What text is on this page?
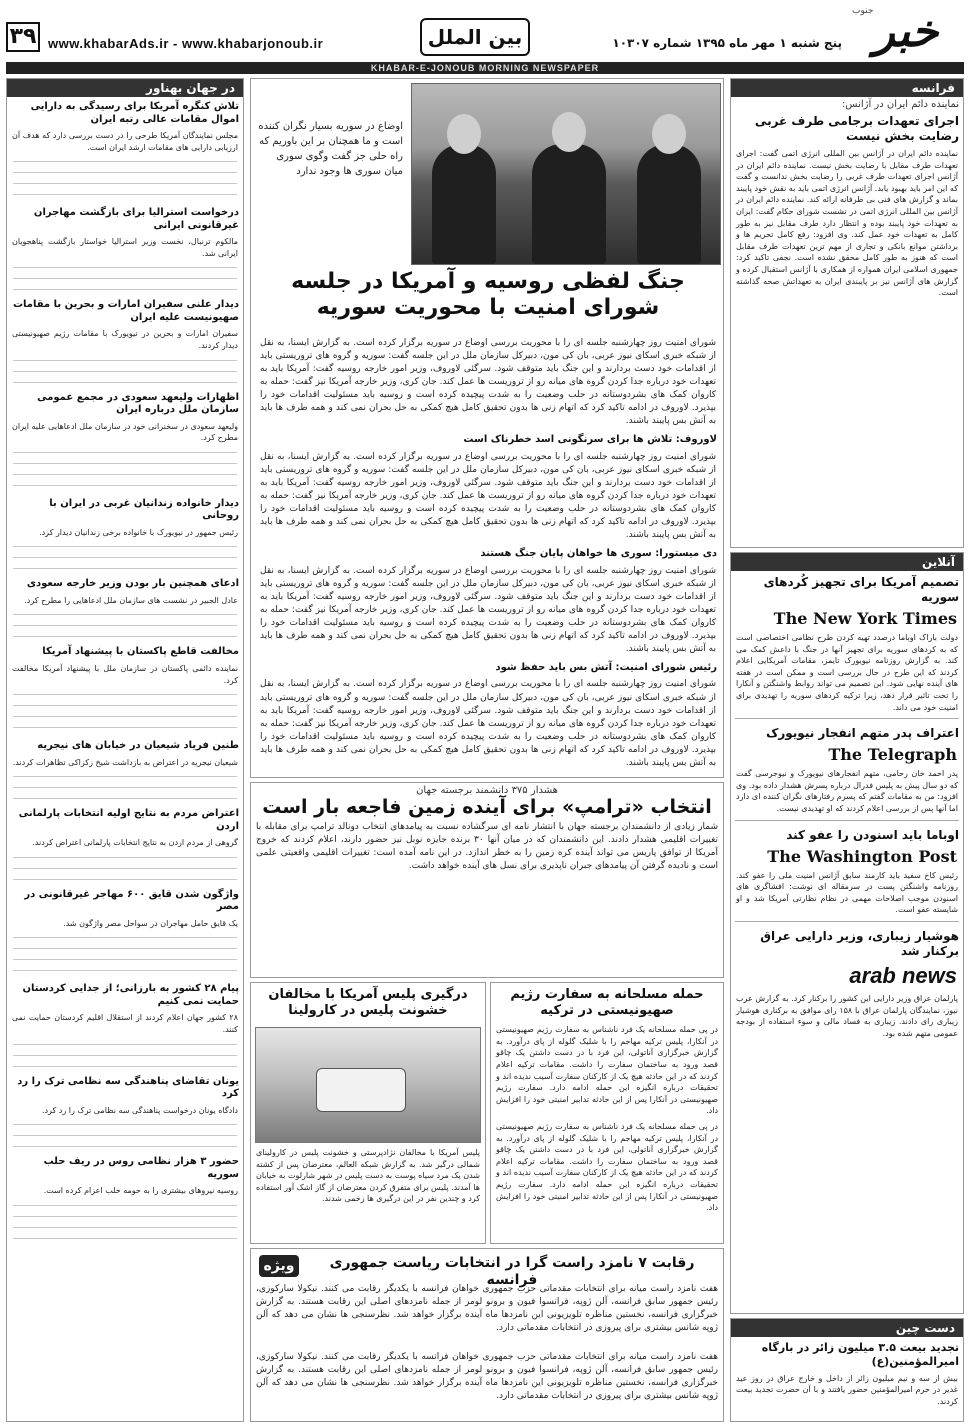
۳۹ www.khabarAds.ir - www.khabarjonoub.ir	بین الملل	پنج شنبه ۱ مهر ماه ۱۳۹۵ شماره ۱۰۳۰۷ خبر
جنوب
KHABAR-E-JONOUB MORNING NEWSPAPER
فرانسه
نماینده دائم ایران در آژانس:
اجرای تعهدات برجامی طرف غربی رضایت بخش نیست
نماینده دائم ایران در آژانس بین المللی انرژی اتمی گفت: اجرای تعهدات طرف مقابل با رضایت بخش نیست. نماینده دائم ایران در آژانس اجرای تعهدات طرف غربی را رضایت بخش ندانست و گفت که این امر باید بهبود یابد. آژانس انرژی اتمی باید به نقش خود پایبند بماند و گزارش های فنی بی طرفانه ارائه کند. نماینده دائم ایران در آژانس بین المللی انرژی اتمی در نشست شورای حکام گفت: ایران به تعهدات خود پایبند بوده و انتظار دارد طرف مقابل نیز به طور کامل به تعهدات خود عمل کند. وی افزود: رفع کامل تحریم ها و برداشتن موانع بانکی و تجاری از مهم ترین تعهدات طرف مقابل است که هنوز به طور کامل محقق نشده است. نجفی تاکید کرد: جمهوری اسلامی ایران همواره از همکاری با آژانس استقبال کرده و گزارش های آژانس نیز بر پایبندی ایران به تعهداتش صحه گذاشته است.
آنلاین
تصمیم آمریکا برای تجهیز کُردهای سوریه
The New York Times
دولت باراک اوباما درصدد تهیه کردن طرح نظامی اختصاصی است که به کردهای سوریه برای تجهیز آنها در جنگ با داعش کمک می کند. به گزارش روزنامه نیویورک تایمز، مقامات آمریکایی اعلام کردند که این طرح در حال بررسی است و ممکن است در هفته های آینده نهایی شود. این تصمیم می تواند روابط واشنگتن و آنکارا را تحت تاثیر قرار دهد، زیرا ترکیه کردهای سوریه را تهدیدی برای امنیت خود می داند.
اعتراف پدر متهم انفجار نیویورک
The Telegraph
پدر احمد خان رحامی، متهم انفجارهای نیویورک و نیوجرسی گفت که دو سال پیش به پلیس فدرال درباره پسرش هشدار داده بود. وی افزود: من به مقامات گفتم که پسرم رفتارهای نگران کننده ای دارد اما آنها پس از بررسی اعلام کردند که او تهدیدی نیست.
اوباما باید اسنودن را عفو کند
The Washington Post
رئیس کاخ سفید باید کارمند سابق آژانس امنیت ملی را عفو کند. روزنامه واشنگتن پست در سرمقاله ای نوشت: افشاگری های اسنودن موجب اصلاحات مهمی در نظام نظارتی آمریکا شد و او شایسته عفو است.
هوشیار زیباری، وزیر دارایی عراق برکنار شد
arab news
پارلمان عراق وزیر دارایی این کشور را برکنار کرد. به گزارش عرب نیوز، نمایندگان پارلمان عراق با ۱۵۸ رای موافق به برکناری هوشیار زیباری رای دادند. زیباری به فساد مالی و سوء استفاده از بودجه عمومی متهم شده بود.
دست چین
تجدید بیعت ۳.۵ میلیون زائر در بارگاه امیرالمؤمنین(ع)
بیش از سه و نیم میلیون زائر از داخل و خارج عراق در روز عید غدیر در حرم امیرالمؤمنین حضور یافتند و با آن حضرت تجدید بیعت کردند.
اوضاع در سوریه بسیار نگران کننده است و ما همچنان بر این باوریم که راه حلی جز گفت وگوی سوری میان سوری ها وجود ندارد
جنگ لفظی روسیه و آمریکا در جلسه شورای امنیت با محوریت سوریه
شورای امنیت روز چهارشنبه جلسه ای را با محوریت بررسی اوضاع در سوریه برگزار کرده است. به گزارش ایسنا، به نقل از شبکه خبری اسکای نیوز عربی، بان کی مون، دبیرکل سازمان ملل در این جلسه گفت: سوریه و گروه های تروریستی باید از اقدامات خود دست بردارند و این جنگ باید متوقف شود. سرگئی لاوروف، وزیر امور خارجه روسیه گفت: آمریکا باید به تعهدات خود درباره جدا کردن گروه های میانه رو از تروریست ها عمل کند. جان کری، وزیر خارجه آمریکا نیز گفت: حمله به کاروان کمک های بشردوستانه در حلب وضعیت را به شدت پیچیده کرده است و روسیه باید مسئولیت اقدامات خود را بپذیرد. لاوروف در ادامه تاکید کرد که اتهام زنی ها بدون تحقیق کامل هیچ کمکی به حل بحران نمی کند و همه طرف ها باید به آتش بس پایبند باشند.
لاوروف: تلاش ها برای سرنگونی اسد خطرناک است
شورای امنیت روز چهارشنبه جلسه ای را با محوریت بررسی اوضاع در سوریه برگزار کرده است. به گزارش ایسنا، به نقل از شبکه خبری اسکای نیوز عربی، بان کی مون، دبیرکل سازمان ملل در این جلسه گفت: سوریه و گروه های تروریستی باید از اقدامات خود دست بردارند و این جنگ باید متوقف شود. سرگئی لاوروف، وزیر امور خارجه روسیه گفت: آمریکا باید به تعهدات خود درباره جدا کردن گروه های میانه رو از تروریست ها عمل کند. جان کری، وزیر خارجه آمریکا نیز گفت: حمله به کاروان کمک های بشردوستانه در حلب وضعیت را به شدت پیچیده کرده است و روسیه باید مسئولیت اقدامات خود را بپذیرد. لاوروف در ادامه تاکید کرد که اتهام زنی ها بدون تحقیق کامل هیچ کمکی به حل بحران نمی کند و همه طرف ها باید به آتش بس پایبند باشند.
دی میستورا: سوری ها خواهان پایان جنگ هستند
شورای امنیت روز چهارشنبه جلسه ای را با محوریت بررسی اوضاع در سوریه برگزار کرده است. به گزارش ایسنا، به نقل از شبکه خبری اسکای نیوز عربی، بان کی مون، دبیرکل سازمان ملل در این جلسه گفت: سوریه و گروه های تروریستی باید از اقدامات خود دست بردارند و این جنگ باید متوقف شود. سرگئی لاوروف، وزیر امور خارجه روسیه گفت: آمریکا باید به تعهدات خود درباره جدا کردن گروه های میانه رو از تروریست ها عمل کند. جان کری، وزیر خارجه آمریکا نیز گفت: حمله به کاروان کمک های بشردوستانه در حلب وضعیت را به شدت پیچیده کرده است و روسیه باید مسئولیت اقدامات خود را بپذیرد. لاوروف در ادامه تاکید کرد که اتهام زنی ها بدون تحقیق کامل هیچ کمکی به حل بحران نمی کند و همه طرف ها باید به آتش بس پایبند باشند.
رئیس شورای امنیت: آتش بس باید حفظ شود
شورای امنیت روز چهارشنبه جلسه ای را با محوریت بررسی اوضاع در سوریه برگزار کرده است. به گزارش ایسنا، به نقل از شبکه خبری اسکای نیوز عربی، بان کی مون، دبیرکل سازمان ملل در این جلسه گفت: سوریه و گروه های تروریستی باید از اقدامات خود دست بردارند و این جنگ باید متوقف شود. سرگئی لاوروف، وزیر امور خارجه روسیه گفت: آمریکا باید به تعهدات خود درباره جدا کردن گروه های میانه رو از تروریست ها عمل کند. جان کری، وزیر خارجه آمریکا نیز گفت: حمله به کاروان کمک های بشردوستانه در حلب وضعیت را به شدت پیچیده کرده است و روسیه باید مسئولیت اقدامات خود را بپذیرد. لاوروف در ادامه تاکید کرد که اتهام زنی ها بدون تحقیق کامل هیچ کمکی به حل بحران نمی کند و همه طرف ها باید به آتش بس پایبند باشند.
هشدار ۳۷۵ دانشمند برجسته جهان
انتخاب «ترامپ» برای آینده زمین فاجعه بار است
شمار زیادی از دانشمندان برجسته جهان با انتشار نامه ای سرگشاده نسبت به پیامدهای انتخاب دونالد ترامپ برای مقابله با تغییرات اقلیمی هشدار دادند. این دانشمندان که در میان آنها ۳۰ برنده جایزه نوبل نیز حضور دارند، اعلام کردند که خروج آمریکا از توافق پاریس می تواند آینده کره زمین را به خطر اندازد. در این نامه آمده است: تغییرات اقلیمی واقعیتی علمی است و نادیده گرفتن آن پیامدهای جبران ناپذیری برای نسل های آینده خواهد داشت.
حمله مسلحانه به سفارت رژیم صهیونیستی در ترکیه
در پی حمله مسلحانه یک فرد ناشناس به سفارت رژیم صهیونیستی در آنکارا، پلیس ترکیه مهاجم را با شلیک گلوله از پای درآورد. به گزارش خبرگزاری آناتولی، این فرد با در دست داشتن یک چاقو قصد ورود به ساختمان سفارت را داشت. مقامات ترکیه اعلام کردند که در این حادثه هیچ یک از کارکنان سفارت آسیب ندیده اند و تحقیقات درباره انگیزه این حمله ادامه دارد. سفارت رژیم صهیونیستی در آنکارا پس از این حادثه تدابیر امنیتی خود را افزایش داد.
در پی حمله مسلحانه یک فرد ناشناس به سفارت رژیم صهیونیستی در آنکارا، پلیس ترکیه مهاجم را با شلیک گلوله از پای درآورد. به گزارش خبرگزاری آناتولی، این فرد با در دست داشتن یک چاقو قصد ورود به ساختمان سفارت را داشت. مقامات ترکیه اعلام کردند که در این حادثه هیچ یک از کارکنان سفارت آسیب ندیده اند و تحقیقات درباره انگیزه این حمله ادامه دارد. سفارت رژیم صهیونیستی در آنکارا پس از این حادثه تدابیر امنیتی خود را افزایش داد.
درگیری پلیس آمریکا با مخالفان خشونت پلیس در کارولینا
پلیس آمریکا با مخالفان نژادپرستی و خشونت پلیس در کارولینای شمالی درگیر شد. به گزارش شبکه العالم، معترضان پس از کشته شدن یک مرد سیاه پوست به دست پلیس در شهر شارلوت به خیابان ها آمدند. پلیس برای متفرق کردن معترضان از گاز اشک آور استفاده کرد و چندین نفر در این درگیری ها زخمی شدند.
ویژه	رقابت ۷ نامزد راست گرا در انتخابات ریاست جمهوری فرانسه
هفت نامزد راست میانه برای انتخابات مقدماتی حزب جمهوری خواهان فرانسه با یکدیگر رقابت می کنند. نیکولا سارکوزی، رئیس جمهور سابق فرانسه، آلن ژوپه، فرانسوا فیون و برونو لومر از جمله نامزدهای اصلی این رقابت هستند. به گزارش خبرگزاری فرانسه، نخستین مناظره تلویزیونی این نامزدها ماه آینده برگزار خواهد شد. نظرسنجی ها نشان می دهد که آلن ژوپه شانس بیشتری برای پیروزی در انتخابات مقدماتی دارد.
هفت نامزد راست میانه برای انتخابات مقدماتی حزب جمهوری خواهان فرانسه با یکدیگر رقابت می کنند. نیکولا سارکوزی، رئیس جمهور سابق فرانسه، آلن ژوپه، فرانسوا فیون و برونو لومر از جمله نامزدهای اصلی این رقابت هستند. به گزارش خبرگزاری فرانسه، نخستین مناظره تلویزیونی این نامزدها ماه آینده برگزار خواهد شد. نظرسنجی ها نشان می دهد که آلن ژوپه شانس بیشتری برای پیروزی در انتخابات مقدماتی دارد.
در جهان بهناور
تلاش کنگره آمریکا برای رسیدگی به دارایی اموال مقامات عالی رتبه ایران
مجلس نمایندگان آمریکا طرحی را در دست بررسی دارد که هدف آن ارزیابی دارایی های مقامات ارشد ایران است.
درخواست استرالیا برای بازگشت مهاجران غیرقانونی ایرانی
مالکوم ترنبال، نخست وزیر استرالیا خواستار بازگشت پناهجویان ایرانی شد.
دیدار علنی سفیران امارات و بحرین با مقامات صهیونیست علیه ایران
سفیران امارات و بحرین در نیویورک با مقامات رژیم صهیونیستی دیدار کردند.
اظهارات ولیعهد سعودی در مجمع عمومی سازمان ملل درباره ایران
ولیعهد سعودی در سخنرانی خود در سازمان ملل ادعاهایی علیه ایران مطرح کرد.
دیدار خانواده زندانیان غربی در ایران با روحانی
رئیس جمهور در نیویورک با خانواده برخی زندانیان دیدار کرد.
ادعای همچنین بار بودن وزیر خارجه سعودی
عادل الجبیر در نشست های سازمان ملل ادعاهایی را مطرح کرد.
مخالفت قاطع پاکستان با پیشنهاد آمریکا
نماینده دائمی پاکستان در سازمان ملل با پیشنهاد آمریکا مخالفت کرد.
طنین فریاد شیعیان در خیابان های نیجریه
شیعیان نیجریه در اعتراض به بازداشت شیخ زکزاکی تظاهرات کردند.
اعتراض مردم به نتایج اولیه انتخابات پارلمانی اردن
گروهی از مردم اردن به نتایج انتخابات پارلمانی اعتراض کردند.
واژگون شدن قایق ۶۰۰ مهاجر غیرقانونی در مصر
یک قایق حامل مهاجران در سواحل مصر واژگون شد.
پیام ۲۸ کشور به بارزانی؛ از جدایی کردستان حمایت نمی کنیم
۲۸ کشور جهان اعلام کردند از استقلال اقلیم کردستان حمایت نمی کنند.
یونان تقاضای پناهندگی سه نظامی ترک را رد کرد
دادگاه یونان درخواست پناهندگی سه نظامی ترک را رد کرد.
حضور ۳ هزار نظامی روس در ریف حلب سوریه
روسیه نیروهای بیشتری را به حومه حلب اعزام کرده است.
